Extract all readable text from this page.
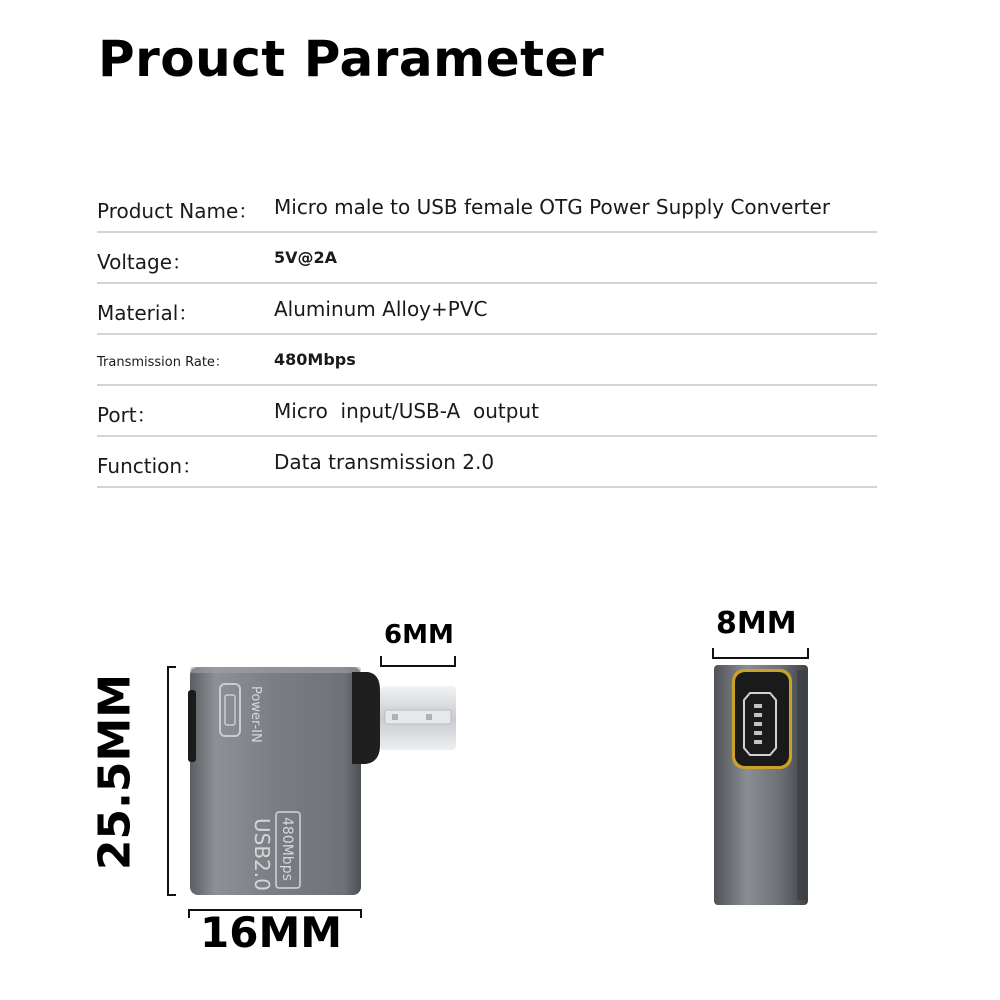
Prouct Parameter
Product Name： Micro male to USB female OTG Power Supply Converter
Voltage：	5V@2A
Material：	Aluminum Alloy+PVC
Transmission Rate：	480Mbps
Port：	Micro  input/USB-A  output
Function：	Data transmission 2.0
6MM	8MM
16MM
25.5MM	Power-IN
USB2.0 480Mbps
